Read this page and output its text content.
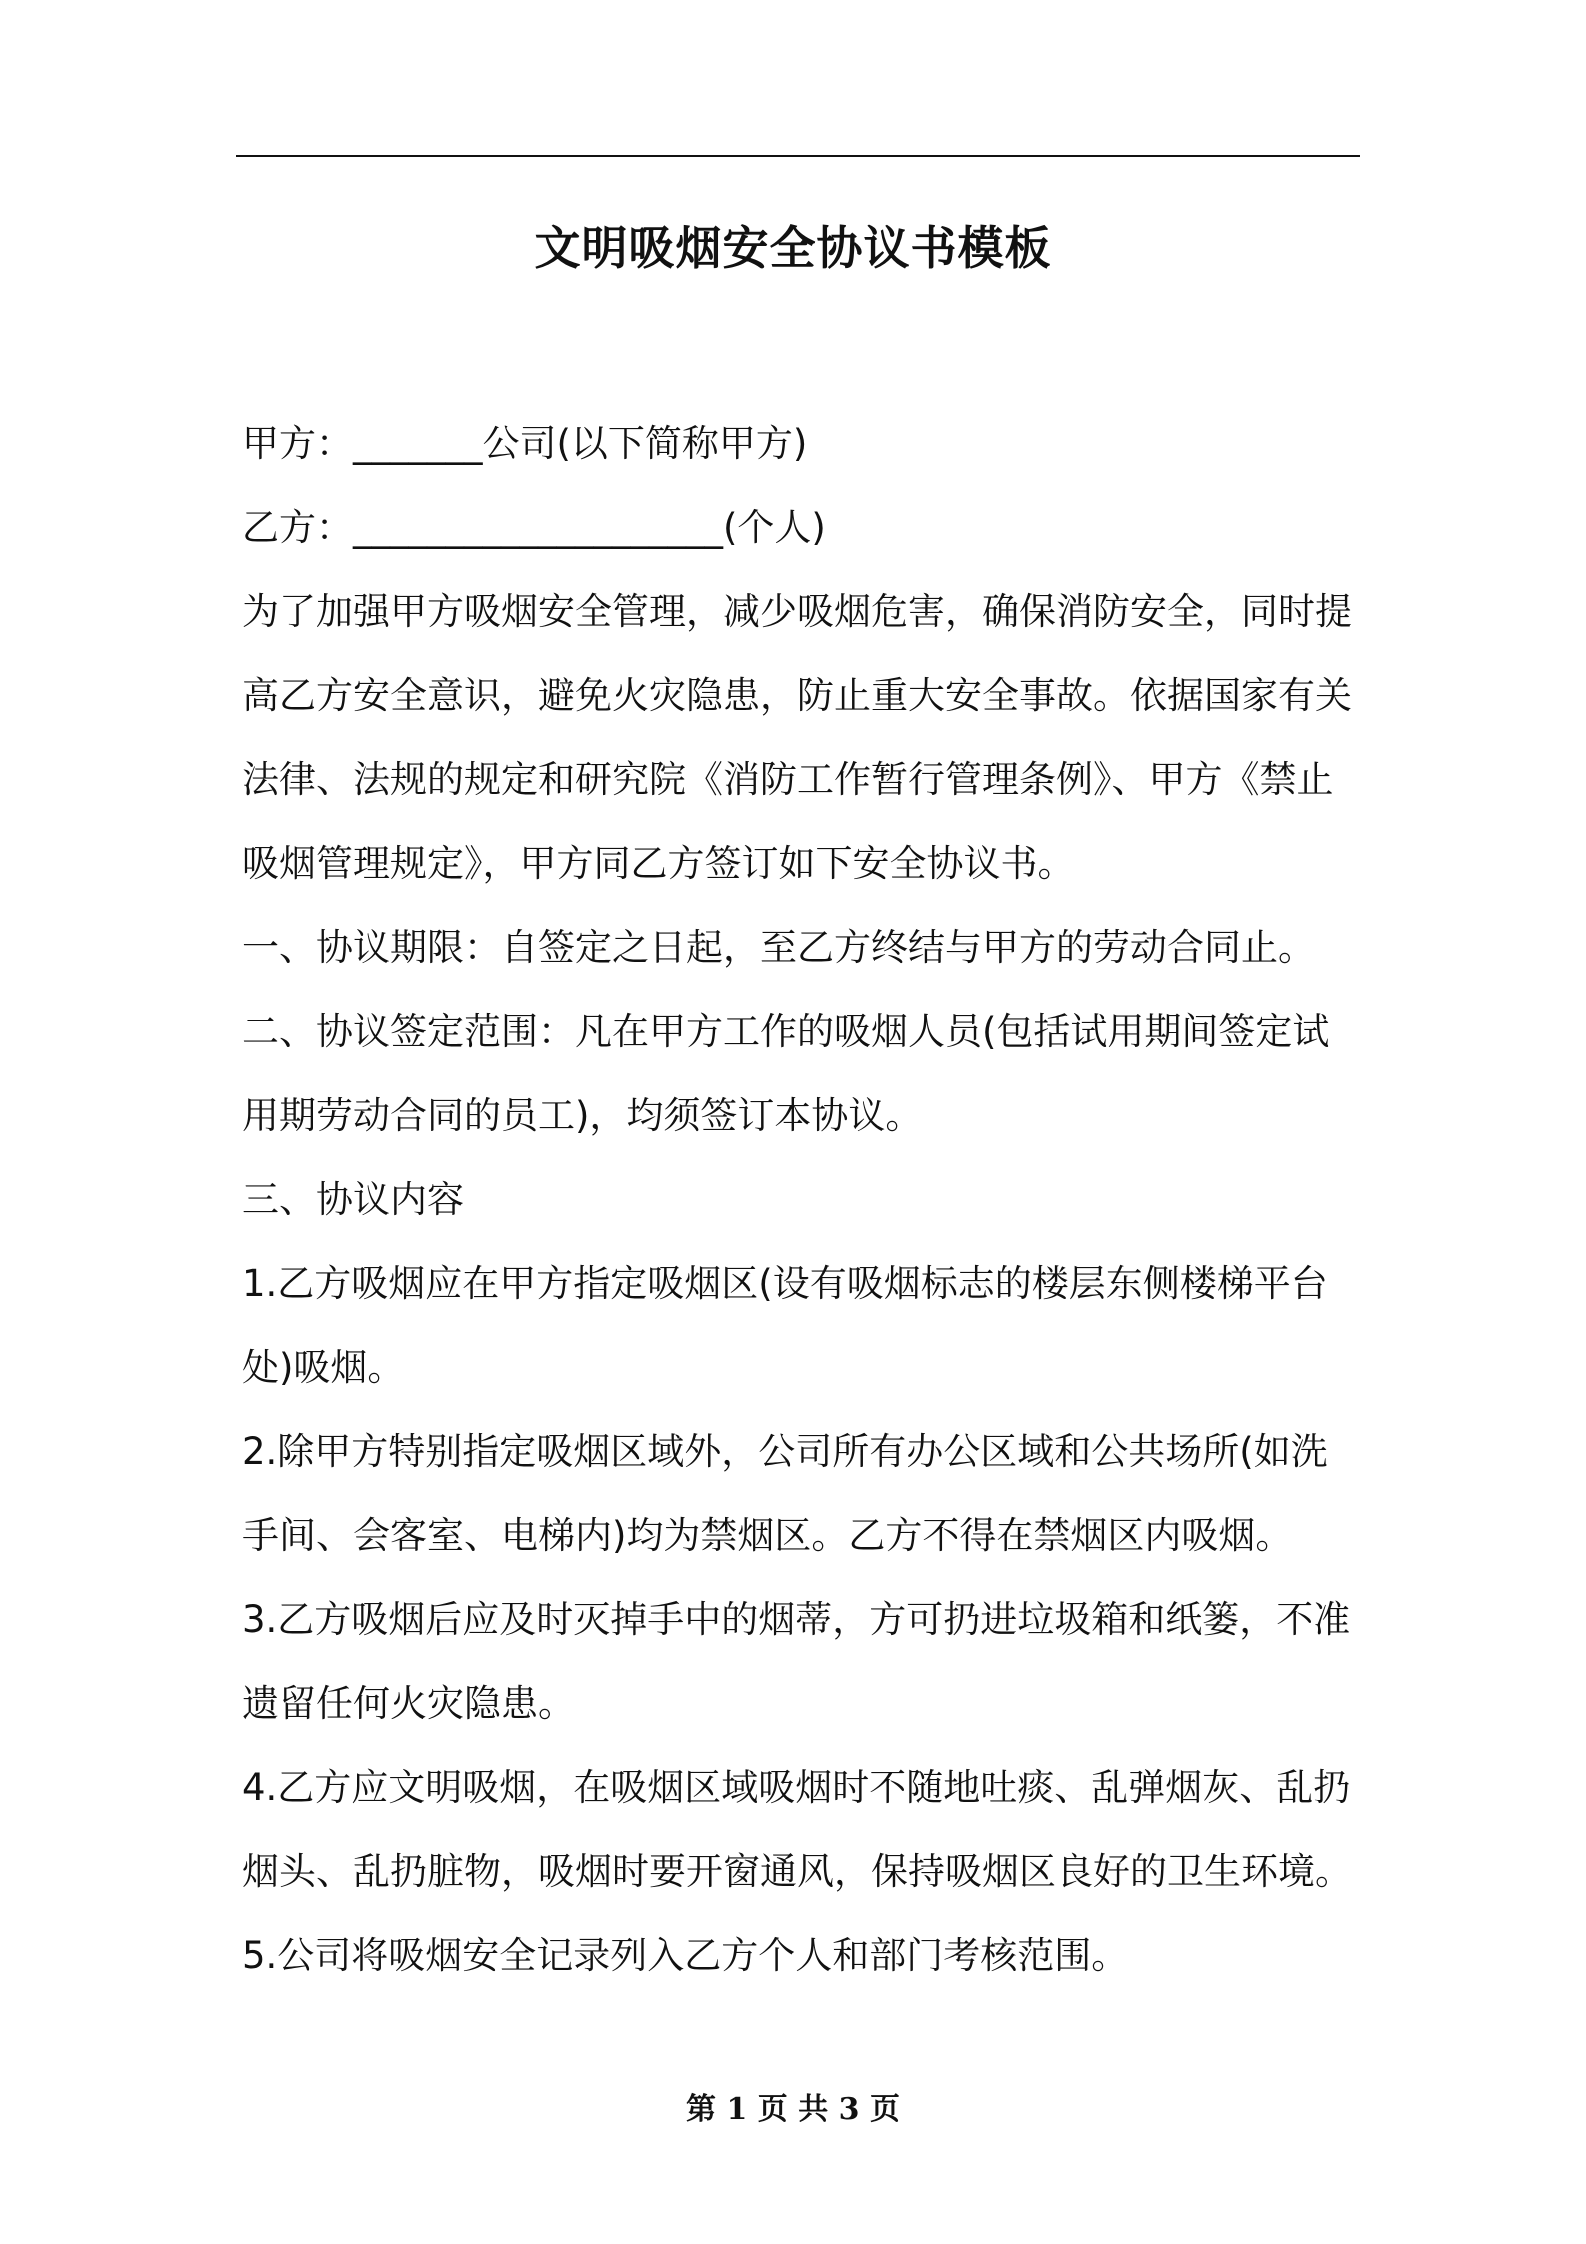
文明吸烟安全协议书模板
甲方：_______公司(以下简称甲方)
乙方：____________________(个人)
为了加强甲方吸烟安全管理，减少吸烟危害，确保消防安全，同时提
高乙方安全意识，避免火灾隐患，防止重大安全事故。依据国家有关
法律、法规的规定和研究院《消防工作暂行管理条例》、甲方《禁止
吸烟管理规定》，甲方同乙方签订如下安全协议书。
一、协议期限：自签定之日起，至乙方终结与甲方的劳动合同止。
二、协议签定范围：凡在甲方工作的吸烟人员(包括试用期间签定试
用期劳动合同的员工)，均须签订本协议。
三、协议内容
1.乙方吸烟应在甲方指定吸烟区(设有吸烟标志的楼层东侧楼梯平台
处)吸烟。
2.除甲方特别指定吸烟区域外，公司所有办公区域和公共场所(如洗
手间、会客室、电梯内)均为禁烟区。乙方不得在禁烟区内吸烟。
3.乙方吸烟后应及时灭掉手中的烟蒂，方可扔进垃圾箱和纸篓，不准
遗留任何火灾隐患。
4.乙方应文明吸烟，在吸烟区域吸烟时不随地吐痰、乱弹烟灰、乱扔
烟头、乱扔脏物，吸烟时要开窗通风，保持吸烟区良好的卫生环境。
5.公司将吸烟安全记录列入乙方个人和部门考核范围。
第 1 页 共 3 页
